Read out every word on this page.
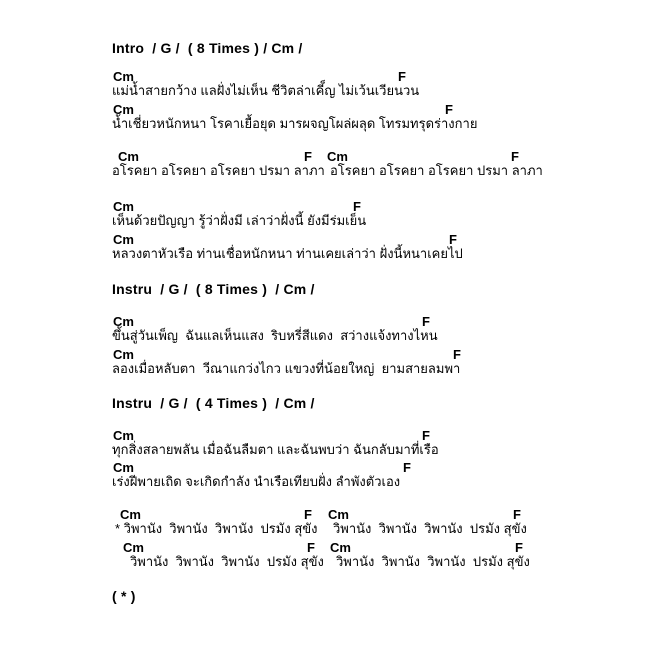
Intro  / G /  ( 8 Times ) / Cm /
Cm	F
แม่น้ำสายกว้าง แลฝั่งไม่เห็น ชีวิตล่าเคี็ญ ไม่เว้นเวียนวน
Cm	F
น้ำเชี่ยวหนักหนา โรคาเยื้อยุด มารผจญโผล่ผลุด โทรมทรุดร่างกาย
Cm	F Cm	F
อโรคยา อโรคยา อโรคยา ปรมา ลาภา อโรคยา อโรคยา อโรคยา ปรมา ลาภา
Cm	F
เห็นด้วยปัญญา รู้ว่าฝั่งมี เล่าว่าฝั่งนี้ ยังมีร่มเย็น
Cm	F
หลวงตาหัวเรือ ท่านเชื่อหนักหนา ท่านเคยเล่าว่า ฝั่งนี้หนาเคยไป
Instru  / G /  ( 8 Times )  / Cm /
Cm	F
ขึ้นสู่วันเพ็ญ  ฉันแลเห็นแสง  ริบหรี่สีแดง  สว่างแจ้งทางไหน
Cm	F
ลองเมื่อหลับตา  วีณาแกว่งไกว แขวงที่น้อยใหญ่  ยามสายลมพา
Instru  / G /  ( 4 Times )  / Cm /
Cm	F
ทุกสิ่งสลายพลัน เมื่อฉันลืมตา และฉันพบว่า ฉันกลับมาที่เรือ
Cm	F
เร่งฝีพายเถิด จะเกิดกำลัง นำเรือเทียบฝั่ง ลำพังตัวเอง
Cm	F Cm	F
* วิพานัง  วิพานัง  วิพานัง  ปรมัง สุขัง วิพานัง  วิพานัง  วิพานัง  ปรมัง สุขัง
Cm	F Cm	F
วิพานัง  วิพานัง  วิพานัง  ปรมัง สุขัง วิพานัง  วิพานัง  วิพานัง  ปรมัง สุขัง
( * )
